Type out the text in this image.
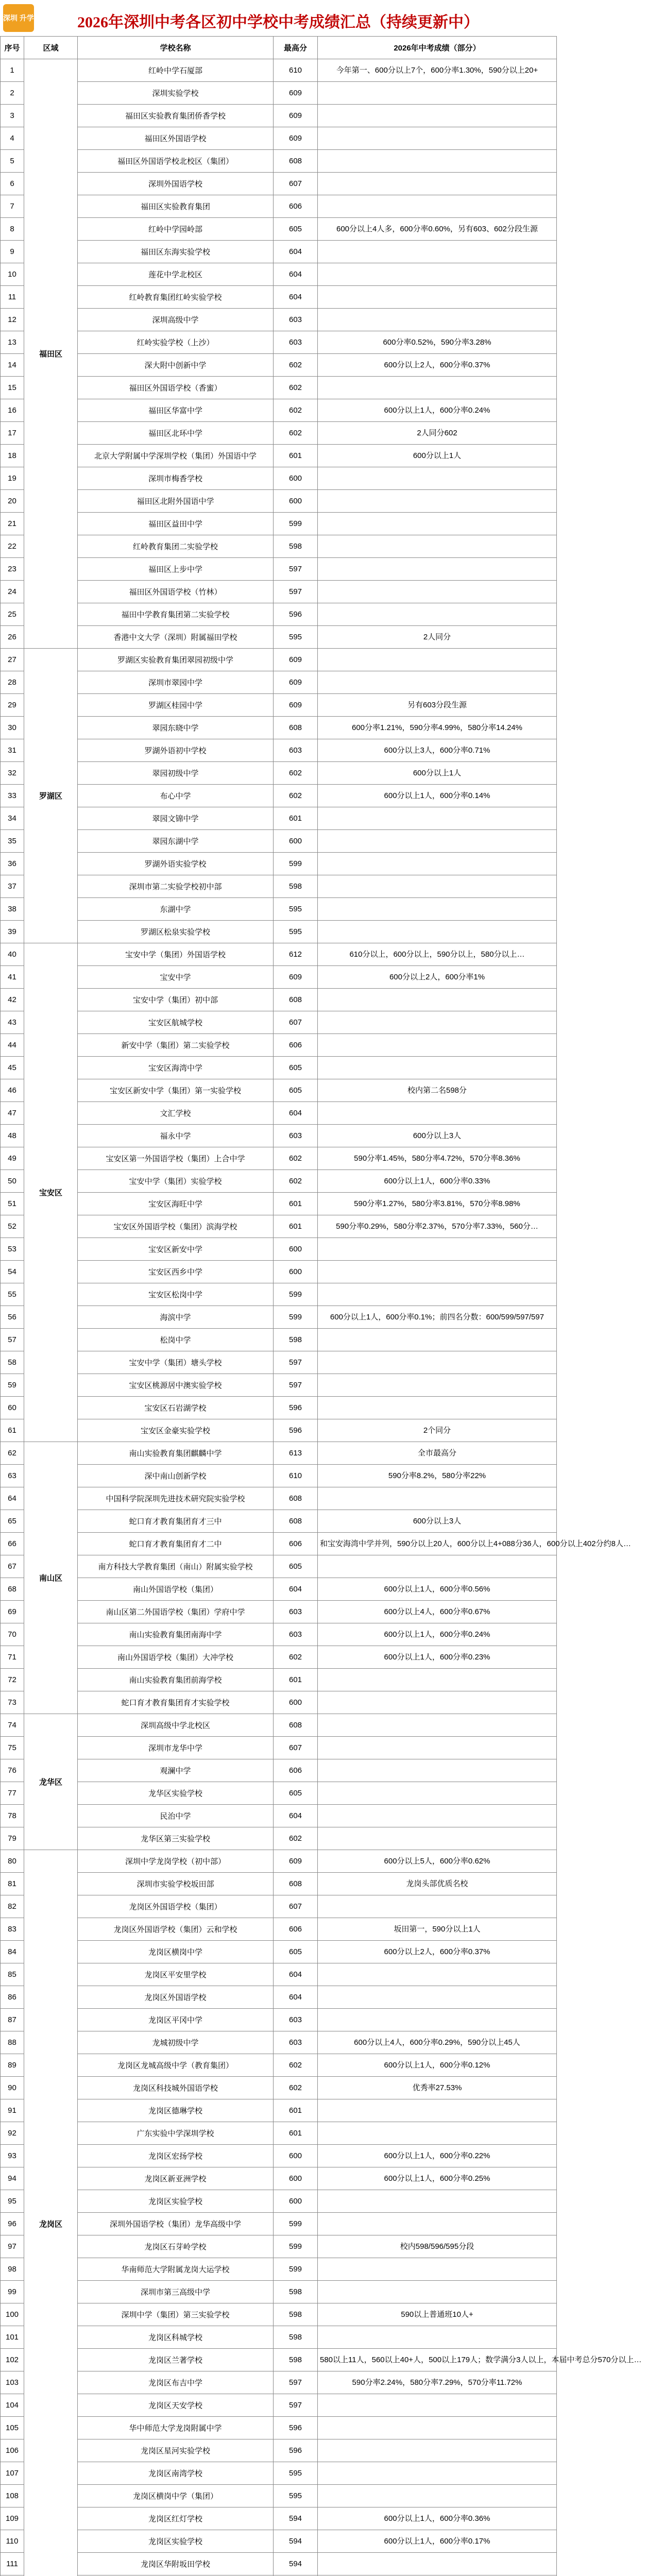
深圳 升学	2026年深圳中考各区初中学校中考成绩汇总（持续更新中）
序号	区域	学校名称	最高分	2026年中考成绩（部分）
1	福田区	红岭中学石厦部	610	今年第一、600分以上7个，600分率1.30%，590分以上20+
2		深圳实验学校	609	
3		福田区实验教育集团侨香学校	609	
4		福田区外国语学校	609	
5		福田区外国语学校北校区（集团）	608	
6		深圳外国语学校	607	
7		福田区实验教育集团	606	
8		红岭中学园岭部	605	600分以上4人多，600分率0.60%，另有603、602分段生源
9		福田区东海实验学校	604	
10		莲花中学北校区	604	
11		红岭教育集团红岭实验学校	604	
12		深圳高级中学	603	
13		红岭实验学校（上沙）	603	600分率0.52%，590分率3.28%
14		深大附中创新中学	602	600分以上2人，600分率0.37%
15		福田区外国语学校（香蜜）	602	
16		福田区华富中学	602	600分以上1人，600分率0.24%
17		福田区北环中学	602	2人同分602
18		北京大学附属中学深圳学校（集团）外国语中学	601	600分以上1人
19		深圳市梅香学校	600	
20		福田区北附外国语中学	600	
21		福田区益田中学	599	
22		红岭教育集团二实验学校	598	
23		福田区上步中学	597	
24		福田区外国语学校（竹林）	597	
25		福田中学教育集团第二实验学校	596	
26		香港中文大学（深圳）附属福田学校	595	2人同分
27	罗湖区	罗湖区实验教育集团翠园初级中学	609	
28		深圳市翠园中学	609	
29		罗湖区桂园中学	609	另有603分段生源
30		翠园东晓中学	608	600分率1.21%，590分率4.99%，580分率14.24%
31		罗湖外语初中学校	603	600分以上3人，600分率0.71%
32		翠园初级中学	602	600分以上1人
33		布心中学	602	600分以上1人，600分率0.14%
34		翠园文锦中学	601	
35		翠园东湖中学	600	
36		罗湖外语实验学校	599	
37		深圳市第二实验学校初中部	598	
38		东湖中学	595	
39		罗湖区松泉实验学校	595	
40	宝安区	宝安中学（集团）外国语学校	612	610分以上，600分以上，590分以上，580分以上…
41		宝安中学	609	600分以上2人，600分率1%
42		宝安中学（集团）初中部	608	
43		宝安区航城学校	607	
44		新安中学（集团）第二实验学校	606	
45		宝安区海湾中学	605	
46		宝安区新安中学（集团）第一实验学校	605	校内第二名598分
47		文汇学校	604	
48		福永中学	603	600分以上3人
49		宝安区第一外国语学校（集团）上合中学	602	590分率1.45%，580分率4.72%，570分率8.36%
50		宝安中学（集团）实验学校	602	600分以上1人，600分率0.33%
51		宝安区海旺中学	601	590分率1.27%，580分率3.81%，570分率8.98%
52		宝安区外国语学校（集团）滨海学校	601	590分率0.29%，580分率2.37%，570分率7.33%，560分…
53		宝安区新安中学	600	
54		宝安区西乡中学	600	
55		宝安区松岗中学	599	
56		海滨中学	599	600分以上1人，600分率0.1%；前四名分数：600/599/597/597
57		松岗中学	598	
58		宝安中学（集团）塘头学校	597	
59		宝安区桃源居中澳实验学校	597	
60		宝安区石岩湖学校	596	
61		宝安区金豪实验学校	596	2个同分
62	南山区	南山实验教育集团麒麟中学	613	全市最高分
63		深中南山创新学校	610	590分率8.2%，580分率22%
64		中国科学院深圳先进技术研究院实验学校	608	
65		蛇口育才教育集团育才三中	608	600分以上3人
66		蛇口育才教育集团育才二中	606	和宝安海湾中学并列，590分以上20人，600分以上4+088分36人，600分以上402分约8人…
67		南方科技大学教育集团（南山）附属实验学校	605	
68		南山外国语学校（集团）	604	600分以上1人，600分率0.56%
69		南山区第二外国语学校（集团）学府中学	603	600分以上4人，600分率0.67%
70		南山实验教育集团南海中学	603	600分以上1人，600分率0.24%
71		南山外国语学校（集团）大冲学校	602	600分以上1人，600分率0.23%
72		南山实验教育集团前海学校	601	
73		蛇口育才教育集团育才实验学校	600	
74	龙华区	深圳高级中学北校区	608	
75		深圳市龙华中学	607	
76		观澜中学	606	
77		龙华区实验学校	605	
78		民治中学	604	
79		龙华区第三实验学校	602	
80	龙岗区	深圳中学龙岗学校（初中部）	609	600分以上5人，600分率0.62%
81		深圳市实验学校坂田部	608	龙岗头部优质名校
82		龙岗区外国语学校（集团）	607	
83		龙岗区外国语学校（集团）云和学校	606	坂田第一，590分以上1人
84		龙岗区横岗中学	605	600分以上2人，600分率0.37%
85		龙岗区平安里学校	604	
86		龙岗区外国语学校	604	
87		龙岗区平冈中学	603	
88		龙城初级中学	603	600分以上4人，600分率0.29%，590分以上45人
89		龙岗区龙城高级中学（教育集团）	602	600分以上1人，600分率0.12%
90		龙岗区科技城外国语学校	602	优秀率27.53%
91		龙岗区德琳学校	601	
92		广东实验中学深圳学校	601	
93		龙岗区宏扬学校	600	600分以上1人，600分率0.22%
94		龙岗区新亚洲学校	600	600分以上1人，600分率0.25%
95		龙岗区实验学校	600	
96		深圳外国语学校（集团）龙华高级中学	599	
97		龙岗区石芽岭学校	599	校内598/596/595分段
98		华南师范大学附属龙岗大运学校	599	
99		深圳市第三高级中学	598	
100		深圳中学（集团）第三实验学校	598	590以上普通班10人+
101		龙岗区科城学校	598	
102		龙岗区兰著学校	598	580以上11人，560以上40+人，500以上179人；数学满分3人以上，本届中考总分570分以上…
103		龙岗区布吉中学	597	590分率2.24%，580分率7.29%，570分率11.72%
104		龙岗区天安学校	597	
105		华中师范大学龙岗附属中学	596	
106		龙岗区星河实验学校	596	
107		龙岗区南湾学校	595	
108		龙岗区横岗中学（集团）	595	
109		龙岗区红灯学校	594	600分以上1人，600分率0.36%
110		龙岗区实验学校	594	600分以上1人，600分率0.17%
111		龙岗区华附坂田学校	594	
